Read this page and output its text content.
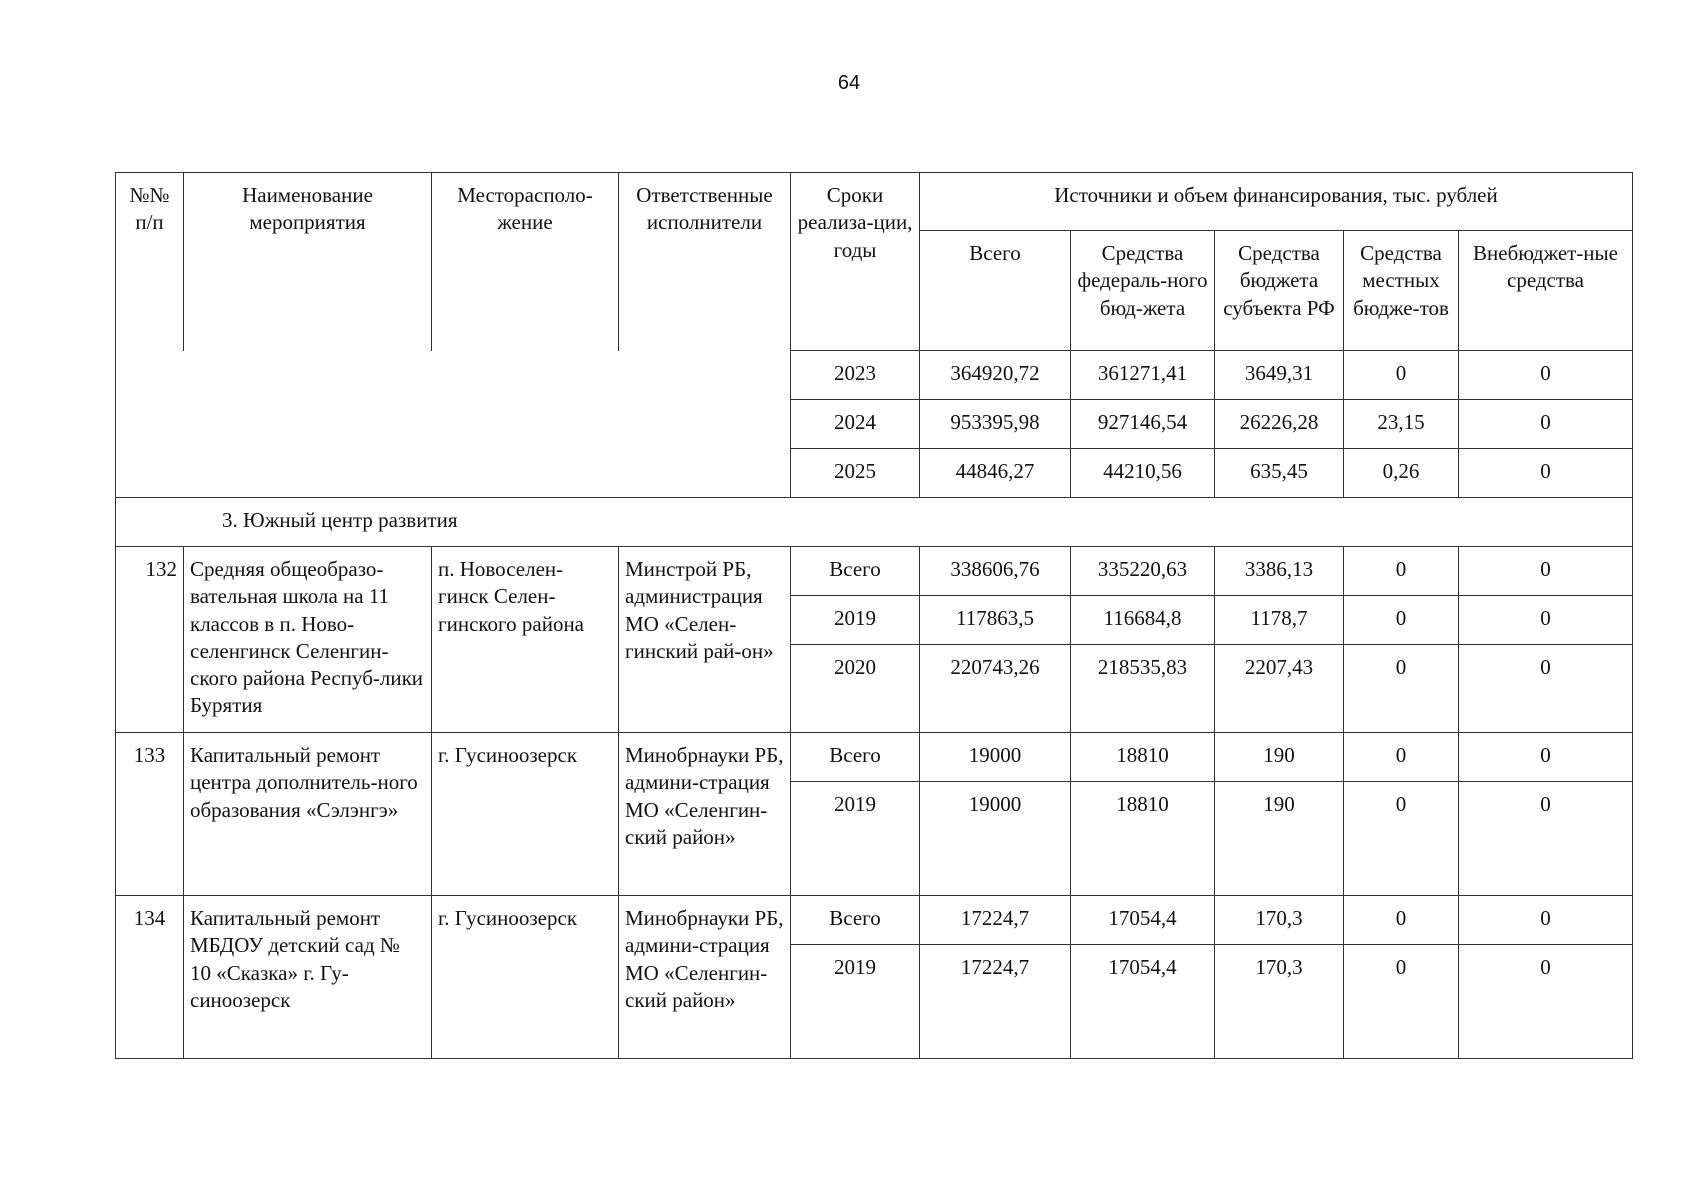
64
№№ п/п	Наименование мероприятия	Месторасполо-жение	Ответственные исполнители	Сроки реализа-ции, годы	Источники и объем финансирования, тыс. рублей				
					Всего	Средства федераль-ного бюд-жета	Средства бюджета субъекта РФ	Средства местных бюдже-тов	Внебюджет-ные средства
				2023	364920,72	361271,41	3649,31	0	0
				2024	953395,98	927146,54	26226,28	23,15	0
				2025	44846,27	44210,56	635,45	0,26	0
3. Южный центр развития									
132	Средняя общеобразо-вательная школа на 11 классов в п. Ново-селенгинск Селенгин-ского района Респуб-лики Бурятия	п. Новоселен-гинск Селен-гинского района	Минстрой РБ, администрация МО «Селен-гинский рай-он»	Всего	338606,76	335220,63	3386,13	0	0
				2019	117863,5	116684,8	1178,7	0	0
				2020	220743,26	218535,83	2207,43	0	0
133	Капитальный ремонт центра дополнитель-ного образования «Сэлэнгэ»	г. Гусиноозерск	Минобрнауки РБ, админи-страция МО «Селенгин-ский район»	Всего	19000	18810	190	0	0
				2019	19000	18810	190	0	0
134	Капитальный ремонт МБДОУ детский сад № 10 «Сказка» г. Гу-синоозерск	г. Гусиноозерск	Минобрнауки РБ, админи-страция МО «Селенгин-ский район»	Всего	17224,7	17054,4	170,3	0	0
				2019	17224,7	17054,4	170,3	0	0
